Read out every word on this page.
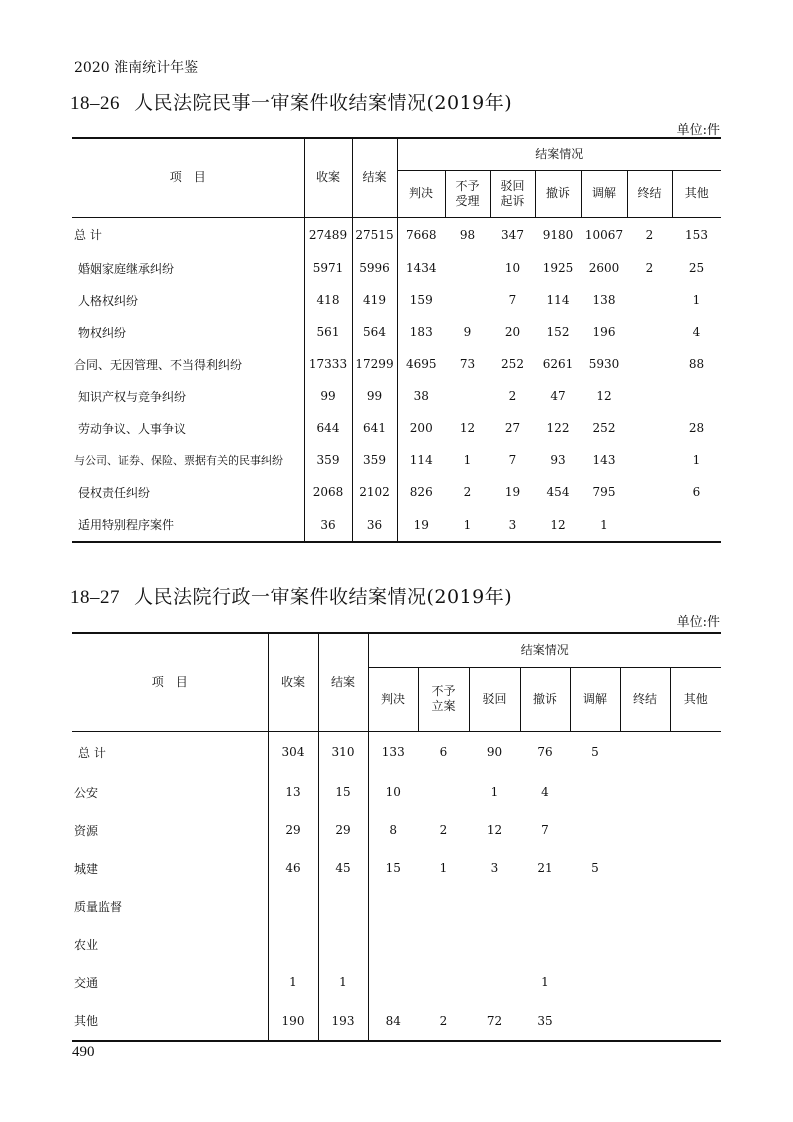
2020 淮南统计年鉴
18–26 人民法院民事一审案件收结案情况(2019年)
单位:件
项　目	收案	结案	结案情况						
			判决	不予受理	驳回起诉	撤诉	调解	终结	其他
总 计	27489	27515	7668	98	347	9180	10067	2	153
婚姻家庭继承纠纷	5971	5996	1434		10	1925	2600	2	25
人格权纠纷	418	419	159		7	114	138		1
物权纠纷	561	564	183	9	20	152	196		4
合同、无因管理、不当得利纠纷	17333	17299	4695	73	252	6261	5930		88
知识产权与竞争纠纷	99	99	38		2	47	12		
劳动争议、人事争议	644	641	200	12	27	122	252		28
与公司、证券、保险、票据有关的民事纠纷	359	359	114	1	7	93	143		1
侵权责任纠纷	2068	2102	826	2	19	454	795		6
适用特别程序案件	36	36	19	1	3	12	1		
18–27 人民法院行政一审案件收结案情况(2019年)
单位:件
项　目	收案	结案	结案情况						
			判决	不予立案	驳回	撤诉	调解	终结	其他
总 计	304	310	133	6	90	76	5		
公安	13	15	10		1	4			
资源	29	29	8	2	12	7			
城建	46	45	15	1	3	21	5		
质量监督									
农业									
交通	1	1				1			
其他	190	193	84	2	72	35			
490
